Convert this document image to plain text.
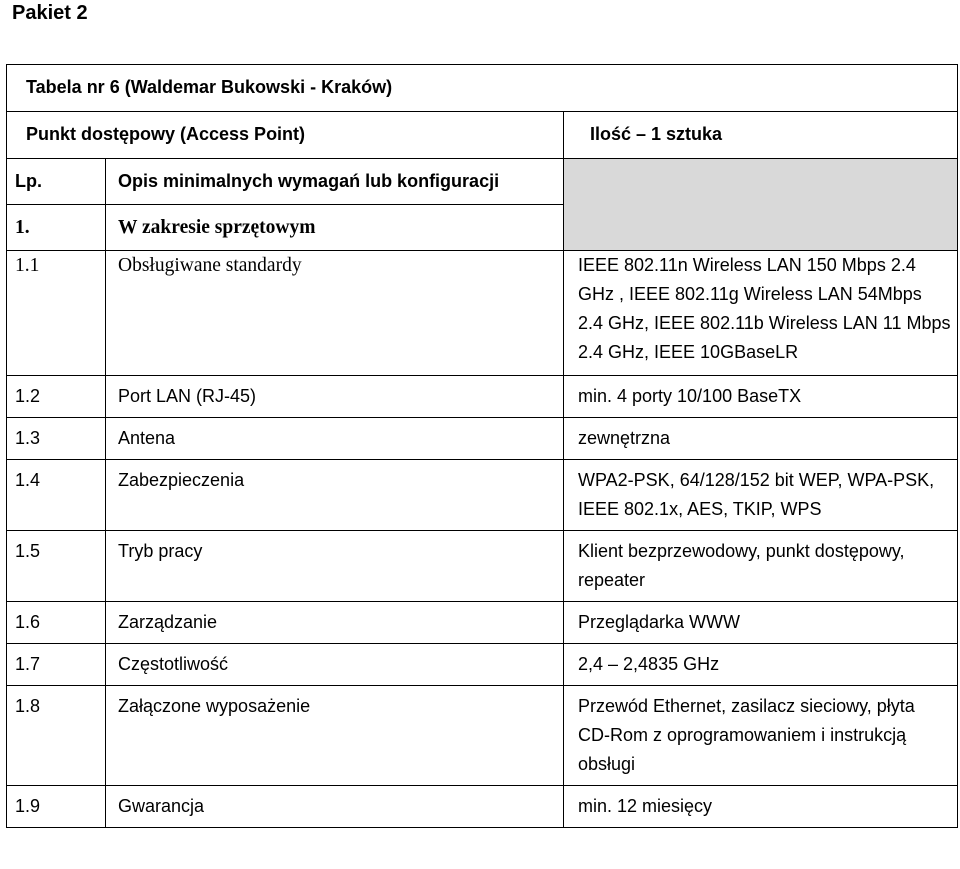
Pakiet 2
Tabela nr 6 (Waldemar Bukowski - Kraków)		
Punkt dostępowy (Access Point)		Ilość – 1 sztuka
Lp.	Opis minimalnych wymagań lub konfiguracji	
1.	W zakresie sprzętowym	
1.1	Obsługiwane standardy	IEEE 802.11n Wireless LAN 150 Mbps 2.4 GHz , IEEE 802.11g Wireless LAN 54Mbps 2.4 GHz, IEEE 802.11b Wireless LAN 11 Mbps 2.4 GHz, IEEE 10GBaseLR
1.2	Port LAN (RJ-45)	min. 4 porty 10/100 BaseTX
1.3	Antena	zewnętrzna
1.4	Zabezpieczenia	WPA2-PSK, 64/128/152 bit WEP, WPA-PSK, IEEE 802.1x, AES, TKIP, WPS
1.5	Tryb pracy	Klient bezprzewodowy, punkt dostępowy, repeater
1.6	Zarządzanie	Przeglądarka WWW
1.7	Częstotliwość	2,4 – 2,4835 GHz
1.8	Załączone wyposażenie	Przewód Ethernet, zasilacz sieciowy, płyta CD-Rom z oprogramowaniem i instrukcją obsługi
1.9	Gwarancja	min. 12 miesięcy
